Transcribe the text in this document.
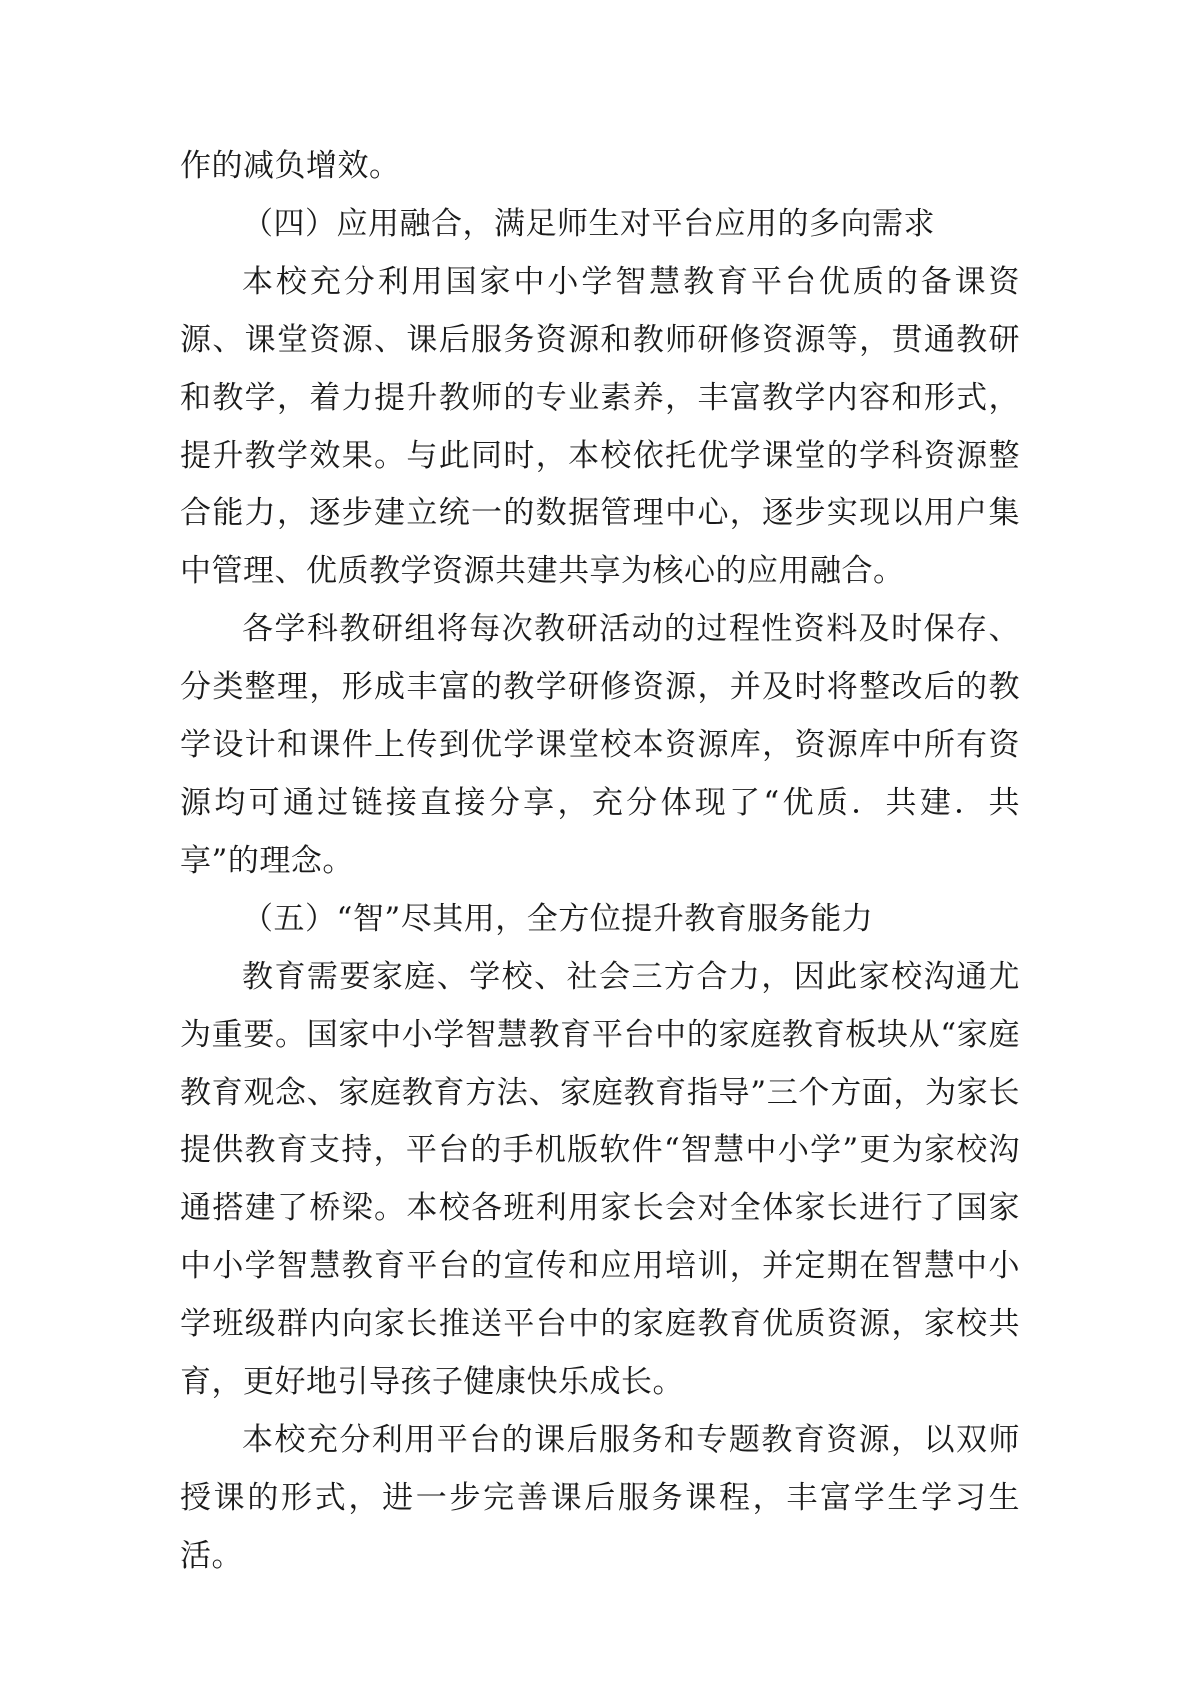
作的减负增效。

（四）应用融合，满足师生对平台应用的多向需求

本校充分利用国家中小学智慧教育平台优质的备课资源、课堂资源、课后服务资源和教师研修资源等，贯通教研和教学，着力提升教师的专业素养，丰富教学内容和形式，提升教学效果。与此同时，本校依托优学课堂的学科资源整合能力，逐步建立统一的数据管理中心，逐步实现以用户集中管理、优质教学资源共建共享为核心的应用融合。

各学科教研组将每次教研活动的过程性资料及时保存、分类整理，形成丰富的教学研修资源，并及时将整改后的教学设计和课件上传到优学课堂校本资源库，资源库中所有资源均可通过链接直接分享，充分体现了“优质．共建．共享”的理念。

（五）“智”尽其用，全方位提升教育服务能力

教育需要家庭、学校、社会三方合力，因此家校沟通尤为重要。国家中小学智慧教育平台中的家庭教育板块从“家庭教育观念、家庭教育方法、家庭教育指导”三个方面，为家长提供教育支持，平台的手机版软件“智慧中小学”更为家校沟通搭建了桥梁。本校各班利用家长会对全体家长进行了国家中小学智慧教育平台的宣传和应用培训，并定期在智慧中小学班级群内向家长推送平台中的家庭教育优质资源，家校共育，更好地引导孩子健康快乐成长。

本校充分利用平台的课后服务和专题教育资源，以双师授课的形式，进一步完善课后服务课程，丰富学生学习生活。
